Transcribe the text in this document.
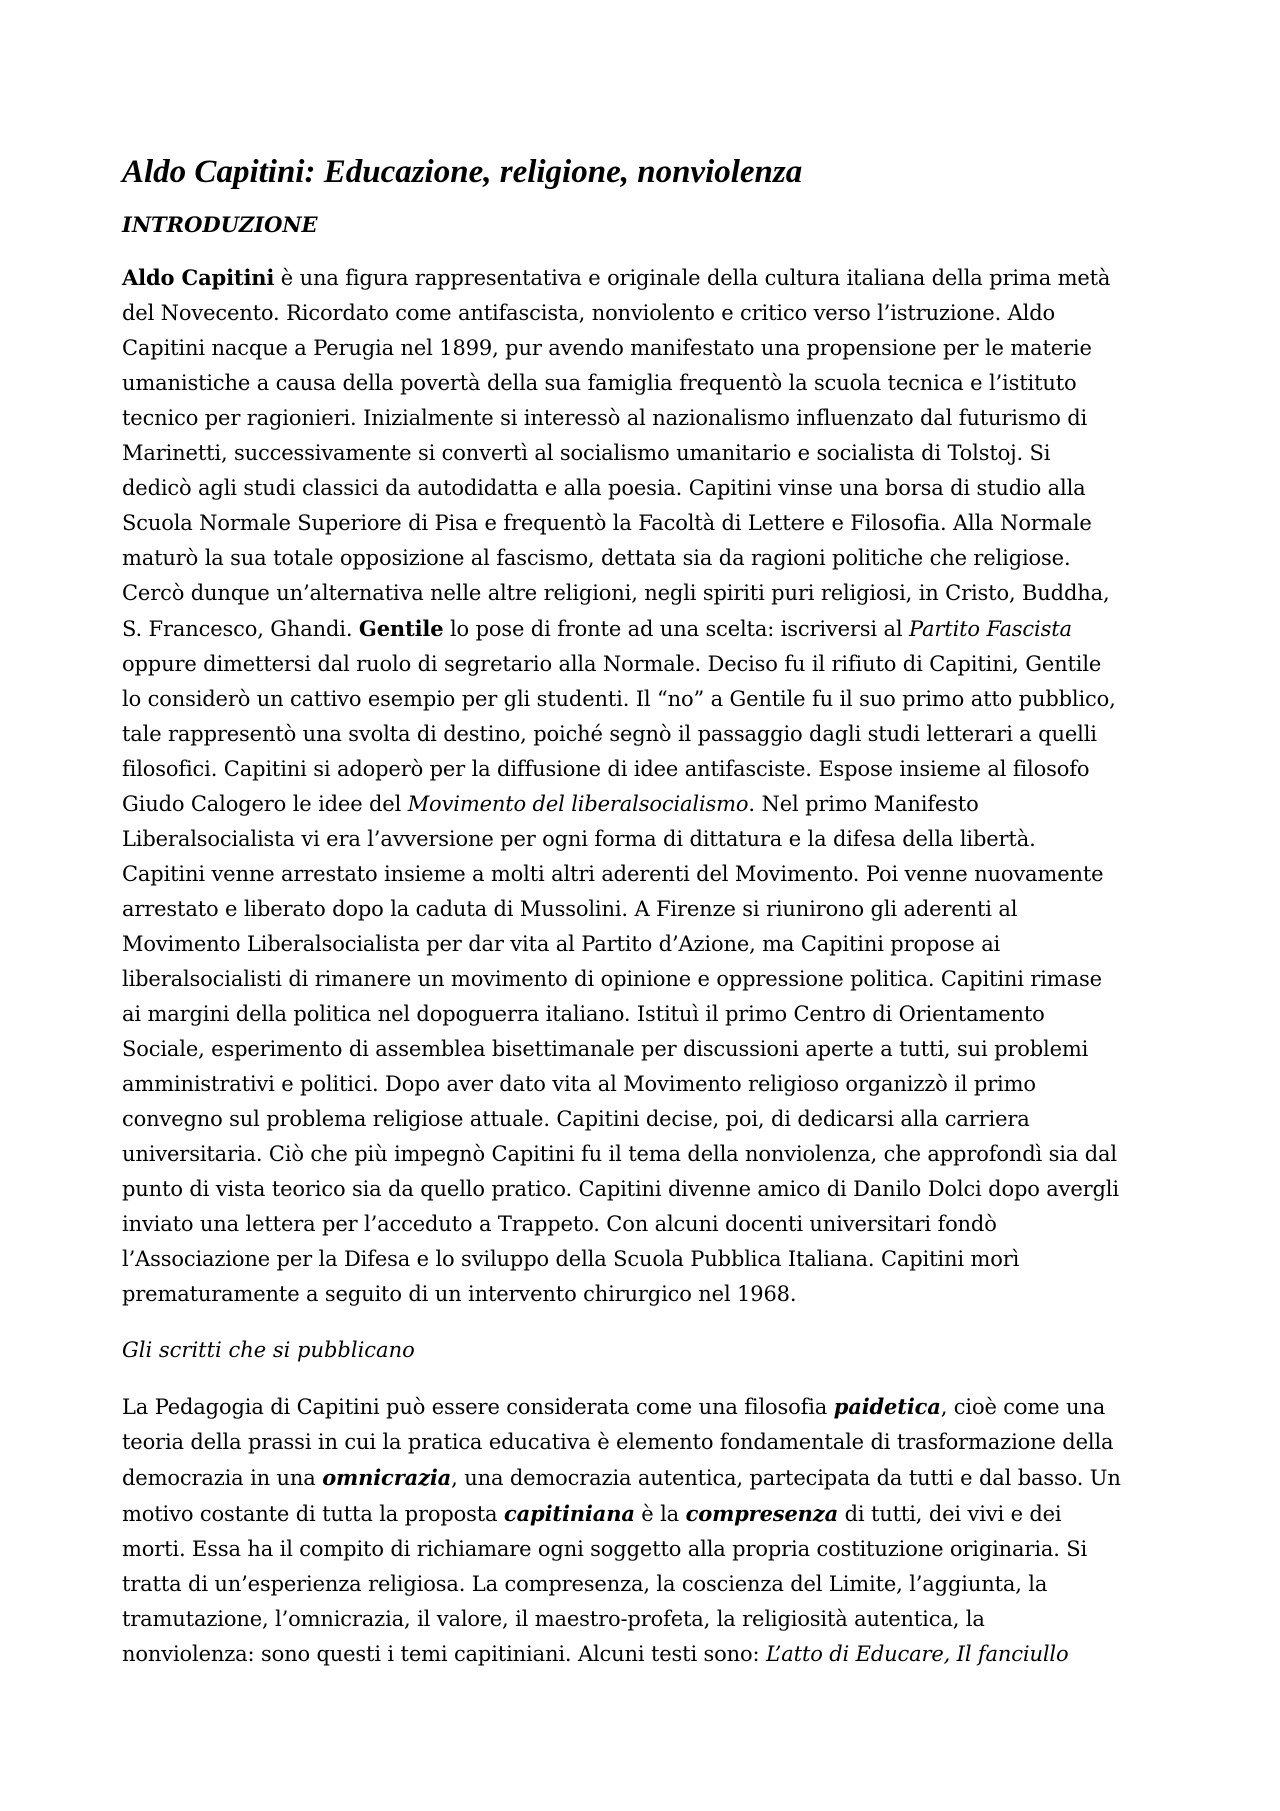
Aldo Capitini: Educazione, religione, nonviolenza
INTRODUZIONE
Aldo Capitini è una figura rappresentativa e originale della cultura italiana della prima metà
del Novecento. Ricordato come antifascista, nonviolento e critico verso l’istruzione. Aldo
Capitini nacque a Perugia nel 1899, pur avendo manifestato una propensione per le materie
umanistiche a causa della povertà della sua famiglia frequentò la scuola tecnica e l’istituto
tecnico per ragionieri. Inizialmente si interessò al nazionalismo influenzato dal futurismo di
Marinetti, successivamente si convertì al socialismo umanitario e socialista di Tolstoj. Si
dedicò agli studi classici da autodidatta e alla poesia. Capitini vinse una borsa di studio alla
Scuola Normale Superiore di Pisa e frequentò la Facoltà di Lettere e Filosofia. Alla Normale
maturò la sua totale opposizione al fascismo, dettata sia da ragioni politiche che religiose.
Cercò dunque un’alternativa nelle altre religioni, negli spiriti puri religiosi, in Cristo, Buddha,
S. Francesco, Ghandi. Gentile lo pose di fronte ad una scelta: iscriversi al Partito Fascista
oppure dimettersi dal ruolo di segretario alla Normale. Deciso fu il rifiuto di Capitini, Gentile
lo considerò un cattivo esempio per gli studenti. Il “no” a Gentile fu il suo primo atto pubblico,
tale rappresentò una svolta di destino, poiché segnò il passaggio dagli studi letterari a quelli
filosofici. Capitini si adoperò per la diffusione di idee antifasciste. Espose insieme al filosofo
Giudo Calogero le idee del Movimento del liberalsocialismo. Nel primo Manifesto
Liberalsocialista vi era l’avversione per ogni forma di dittatura e la difesa della libertà.
Capitini venne arrestato insieme a molti altri aderenti del Movimento. Poi venne nuovamente
arrestato e liberato dopo la caduta di Mussolini. A Firenze si riunirono gli aderenti al
Movimento Liberalsocialista per dar vita al Partito d’Azione, ma Capitini propose ai
liberalsocialisti di rimanere un movimento di opinione e oppressione politica. Capitini rimase
ai margini della politica nel dopoguerra italiano. Istituì il primo Centro di Orientamento
Sociale, esperimento di assemblea bisettimanale per discussioni aperte a tutti, sui problemi
amministrativi e politici. Dopo aver dato vita al Movimento religioso organizzò il primo
convegno sul problema religiose attuale. Capitini decise, poi, di dedicarsi alla carriera
universitaria. Ciò che più impegnò Capitini fu il tema della nonviolenza, che approfondì sia dal
punto di vista teorico sia da quello pratico. Capitini divenne amico di Danilo Dolci dopo avergli
inviato una lettera per l’acceduto a Trappeto. Con alcuni docenti universitari fondò
l’Associazione per la Difesa e lo sviluppo della Scuola Pubblica Italiana. Capitini morì
prematuramente a seguito di un intervento chirurgico nel 1968.
Gli scritti che si pubblicano
La Pedagogia di Capitini può essere considerata come una filosofia paidetica, cioè come una
teoria della prassi in cui la pratica educativa è elemento fondamentale di trasformazione della
democrazia in una omnicrazia, una democrazia autentica, partecipata da tutti e dal basso. Un
motivo costante di tutta la proposta capitiniana è la compresenza di tutti, dei vivi e dei
morti. Essa ha il compito di richiamare ogni soggetto alla propria costituzione originaria. Si
tratta di un’esperienza religiosa. La compresenza, la coscienza del Limite, l’aggiunta, la
tramutazione, l’omnicrazia, il valore, il maestro-profeta, la religiosità autentica, la
nonviolenza: sono questi i temi capitiniani. Alcuni testi sono: L’atto di Educare, Il fanciullo
